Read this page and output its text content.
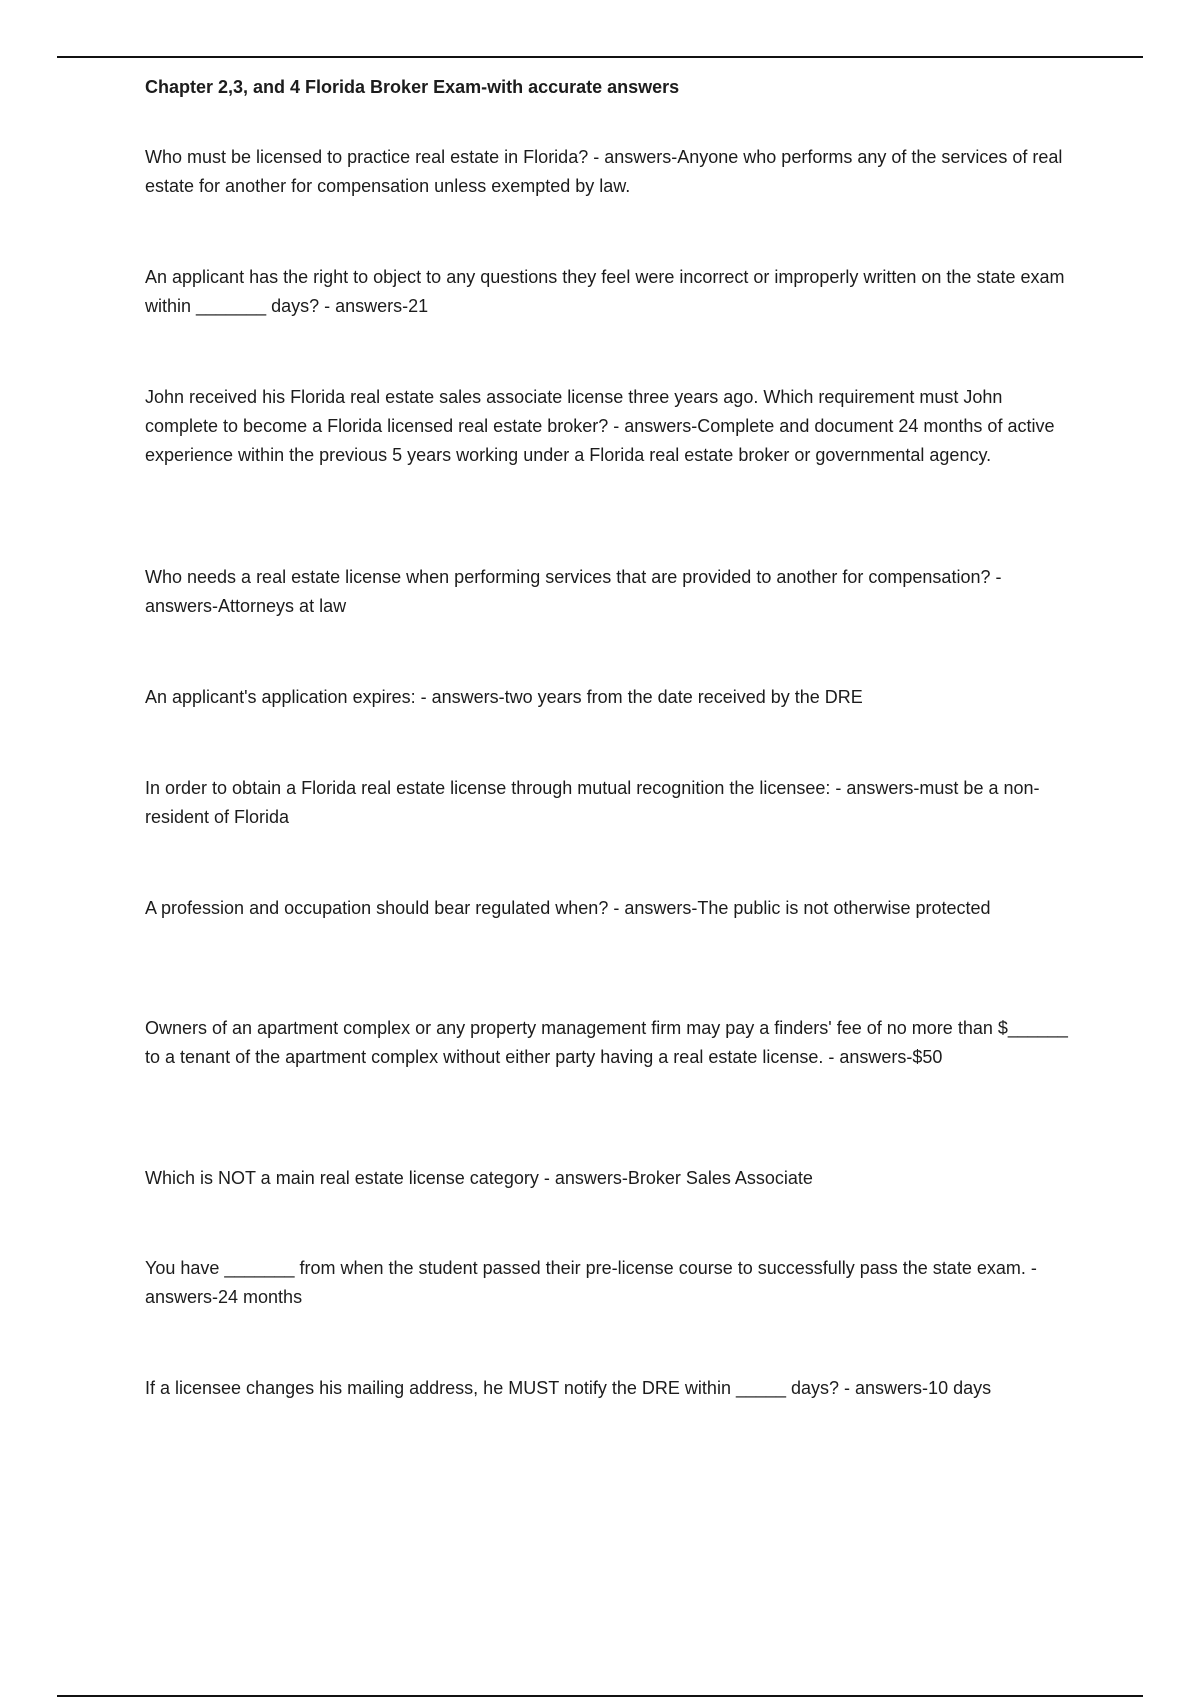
Chapter 2,3, and 4 Florida Broker Exam-with accurate answers

Who must be licensed to practice real estate in Florida? - answers-Anyone who performs any of the services of real estate for another for compensation unless exempted by law.

An applicant has the right to object to any questions they feel were incorrect or improperly written on the state exam within _______ days? - answers-21

John received his Florida real estate sales associate license three years ago. Which requirement must John complete to become a Florida licensed real estate broker? - answers-Complete and document 24 months of active experience within the previous 5 years working under a Florida real estate broker or governmental agency.

Who needs a real estate license when performing services that are provided to another for compensation? - answers-Attorneys at law

An applicant's application expires: - answers-two years from the date received by the DRE

In order to obtain a Florida real estate license through mutual recognition the licensee: - answers-must be a non-resident of Florida

A profession and occupation should bear regulated when? - answers-The public is not otherwise protected

Owners of an apartment complex or any property management firm may pay a finders' fee of no more than $______ to a tenant of the apartment complex without either party having a real estate license. - answers-$50

Which is NOT a main real estate license category - answers-Broker Sales Associate

You have _______ from when the student passed their pre-license course to successfully pass the state exam. - answers-24 months

If a licensee changes his mailing address, he MUST notify the DRE within _____ days? - answers-10 days
